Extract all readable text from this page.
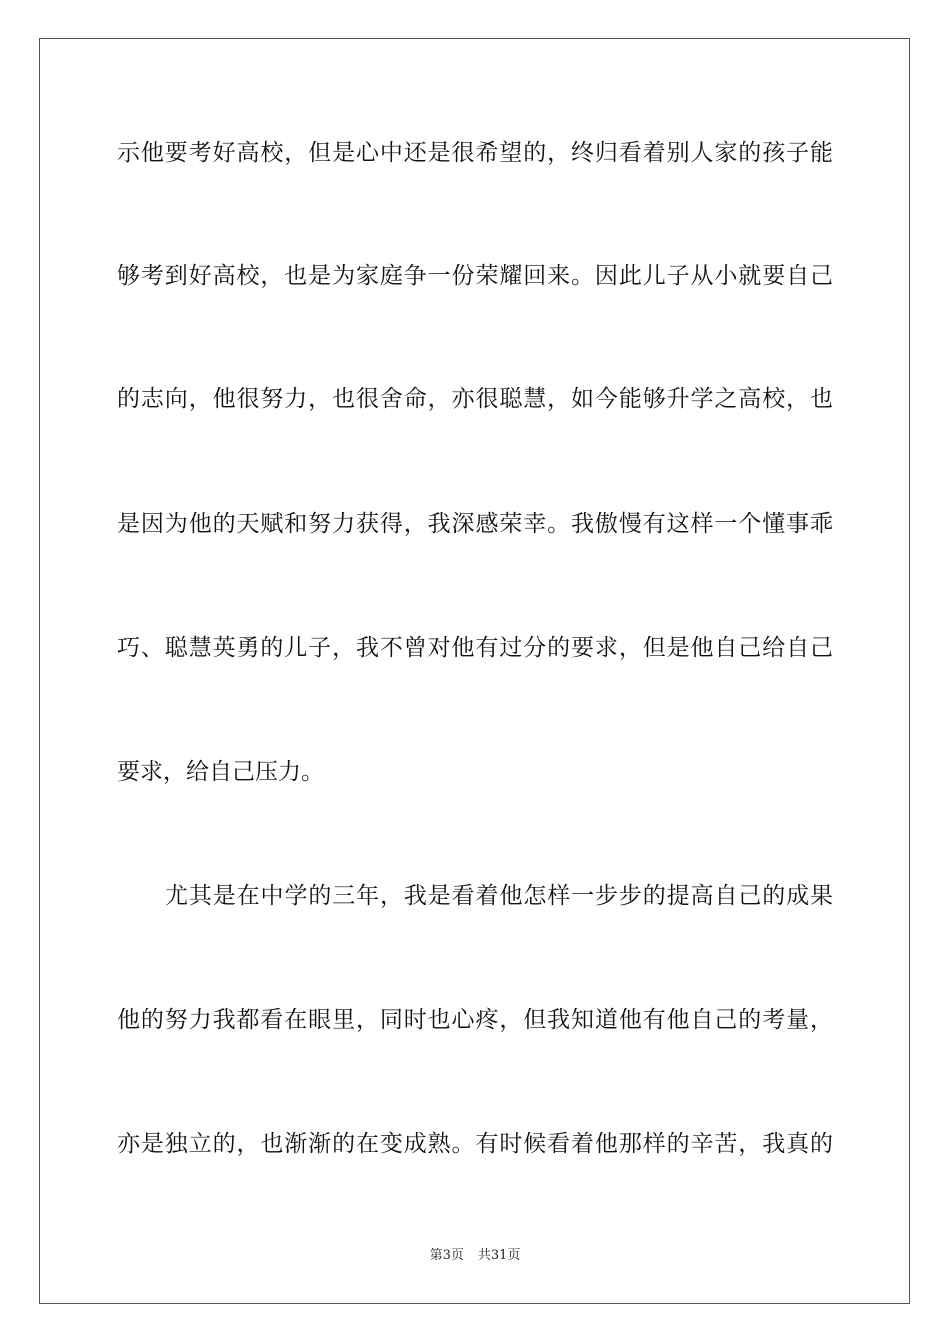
示他要考好高校，但是心中还是很希望的，终归看着别人家的孩子能
够考到好高校，也是为家庭争一份荣耀回来。因此儿子从小就要自己
的志向，他很努力，也很舍命，亦很聪慧，如今能够升学之高校，也
是因为他的天赋和努力获得，我深感荣幸。我傲慢有这样一个懂事乖
巧、聪慧英勇的儿子，我不曾对他有过分的要求，但是他自己给自己
要求，给自己压力。
尤其是在中学的三年，我是看着他怎样一步步的提高自己的成果
他的努力我都看在眼里，同时也心疼，但我知道他有他自己的考量，
亦是独立的，也渐渐的在变成熟。有时候看着他那样的辛苦，我真的
第3页 共31页
